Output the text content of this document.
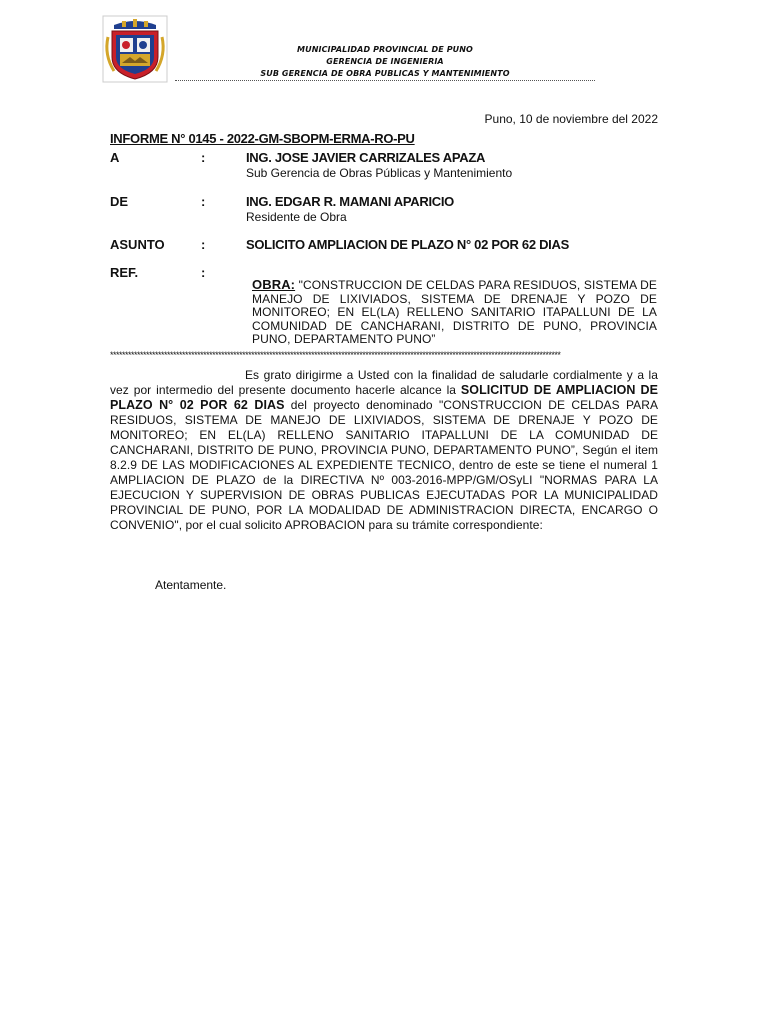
MUNICIPALIDAD PROVINCIAL DE PUNO
GERENCIA DE INGENIERIA
SUB GERENCIA DE OBRA PUBLICAS Y MANTENIMIENTO
Puno, 10 de noviembre del 2022
INFORME N° 0145 - 2022-GM-SBOPM-ERMA-RO-PU
A	:	ING. JOSE JAVIER CARRIZALES APAZA
Sub Gerencia de Obras Públicas y Mantenimiento
DE	:	ING. EDGAR R. MAMANI APARICIO
Residente de Obra
ASUNTO	:	SOLICITO AMPLIACION DE PLAZO N° 02 POR 62 DIAS
REF.	:
OBRA: "CONSTRUCCION DE CELDAS PARA RESIDUOS, SISTEMA DE MANEJO DE LIXIVIADOS, SISTEMA DE DRENAJE Y POZO DE MONITOREO; EN EL(LA) RELLENO SANITARIO ITAPALLUNI DE LA COMUNIDAD DE CANCHARANI, DISTRITO DE PUNO, PROVINCIA PUNO, DEPARTAMENTO PUNO”
******************************************************************************************************************************************************
Es grato dirigirme a Usted con la finalidad de saludarle cordialmente y a la vez por intermedio del presente documento hacerle alcance la SOLICITUD DE AMPLIACION DE PLAZO N° 02 POR 62 DIAS del proyecto denominado "CONSTRUCCION DE CELDAS PARA RESIDUOS, SISTEMA DE MANEJO DE LIXIVIADOS, SISTEMA DE DRENAJE Y POZO DE MONITOREO; EN EL(LA) RELLENO SANITARIO ITAPALLUNI DE LA COMUNIDAD DE CANCHARANI, DISTRITO DE PUNO, PROVINCIA PUNO, DEPARTAMENTO PUNO”, Según el item 8.2.9 DE LAS MODIFICACIONES AL EXPEDIENTE TECNICO, dentro de este se tiene el numeral 1 AMPLIACION DE PLAZO de la DIRECTIVA Nº 003-2016-MPP/GM/OSyLI "NORMAS PARA LA EJECUCION Y SUPERVISION DE OBRAS PUBLICAS EJECUTADAS POR LA MUNICIPALIDAD PROVINCIAL DE PUNO, POR LA MODALIDAD DE ADMINISTRACION DIRECTA, ENCARGO O CONVENIO", por el cual solicito APROBACION para su trámite correspondiente:
Atentamente.
